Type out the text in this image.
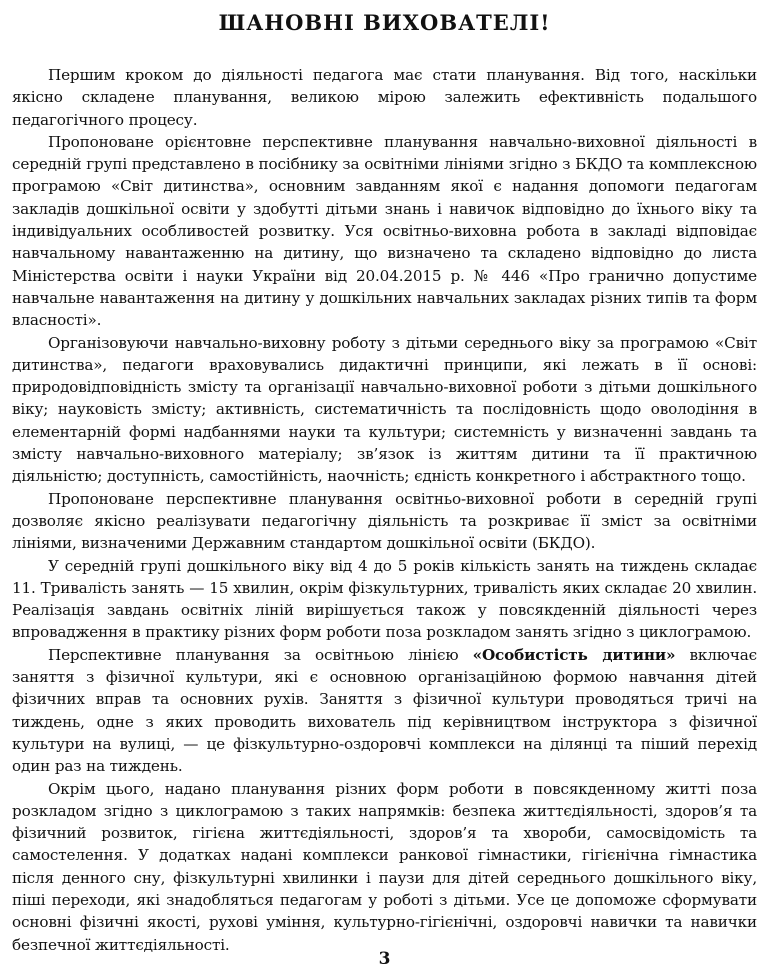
ШАНОВНІ ВИХОВАТЕЛІ!

Першим кроком до діяльності педагога має стати планування. Від того, наскільки якісно складене планування, великою мірою залежить ефективність подальшого педагогічного процесу.

Пропоноване орієнтовне перспективне планування навчально-виховної діяльності в середній групі представлено в посібнику за освітніми лініями згідно з БКДО та комплексною програмою «Світ дитинства», основним завданням якої є надання допомоги педагогам закладів дошкільної освіти у здобутті дітьми знань і навичок відповідно до їхнього віку та індивідуальних особливостей розвитку. Уся освітньо-виховна робота в закладі відповідає навчальному навантаженню на дитину, що визначено та складено відповідно до листа Міністерства освіти і науки України від 20.04.2015 р. № 446 «Про гранично допустиме навчальне навантаження на дитину у дошкільних навчальних закладах різних типів та форм власності».

Організовуючи навчально-виховну роботу з дітьми середнього віку за програмою «Світ дитинства», педагоги враховувались дидактичні принципи, які лежать в її основі: природовідповідність змісту та організації навчально-виховної роботи з дітьми дошкільного віку; науковість змісту; активність, систематичність та послідовність щодо оволодіння в елементарній формі надбаннями науки та культури; системність у визначенні завдань та змісту навчально-виховного матеріалу; зв’язок із життям дитини та її практичною діяльністю; доступність, самостійність, наочність; єдність конкретного і абстрактного тощо.

Пропоноване перспективне планування освітньо-виховної роботи в середній групі дозволяє якісно реалізувати педагогічну діяльність та розкриває її зміст за освітніми лініями, визначеними Державним стандартом дошкільної освіти (БКДО).

У середній групі дошкільного віку від 4 до 5 років кількість занять на тиждень складає 11. Тривалість занять — 15 хвилин, окрім фізкультурних, тривалість яких складає 20 хвилин. Реалізація завдань освітніх ліній вирішується також у повсякденній діяльності через впровадження в практику різних форм роботи поза розкладом занять згідно з циклограмою.

Перспективне планування за освітньою лінією «Особистість дитини» включає заняття з фізичної культури, які є основною організаційною формою навчання дітей фізичних вправ та основних рухів. Заняття з фізичної культури проводяться тричі на тиждень, одне з яких проводить вихователь під керівництвом інструктора з фізичної культури на вулиці, — це фізкультурно-оздоровчі комплекси на ділянці та піший перехід один раз на тиждень.

Окрім цього, надано планування різних форм роботи в повсякденному житті поза розкладом згідно з циклограмою з таких напрямків: безпека життєдіяльності, здоров’я та фізичний розвиток, гігієна життєдіяльності, здоров’я та хвороби, самосвідомість та самостелення. У додатках надані комплекси ранкової гімнастики, гігієнічна гімнастика після денного сну, фізкультурні хвилинки і паузи для дітей середнього дошкільного віку, піші переходи, які знадобляться педагогам у роботі з дітьми. Усе це допоможе сформувати основні фізичні якості, рухові уміння, культурно-гігієнічні, оздоровчі навички та навички безпечної життєдіяльності.

3
